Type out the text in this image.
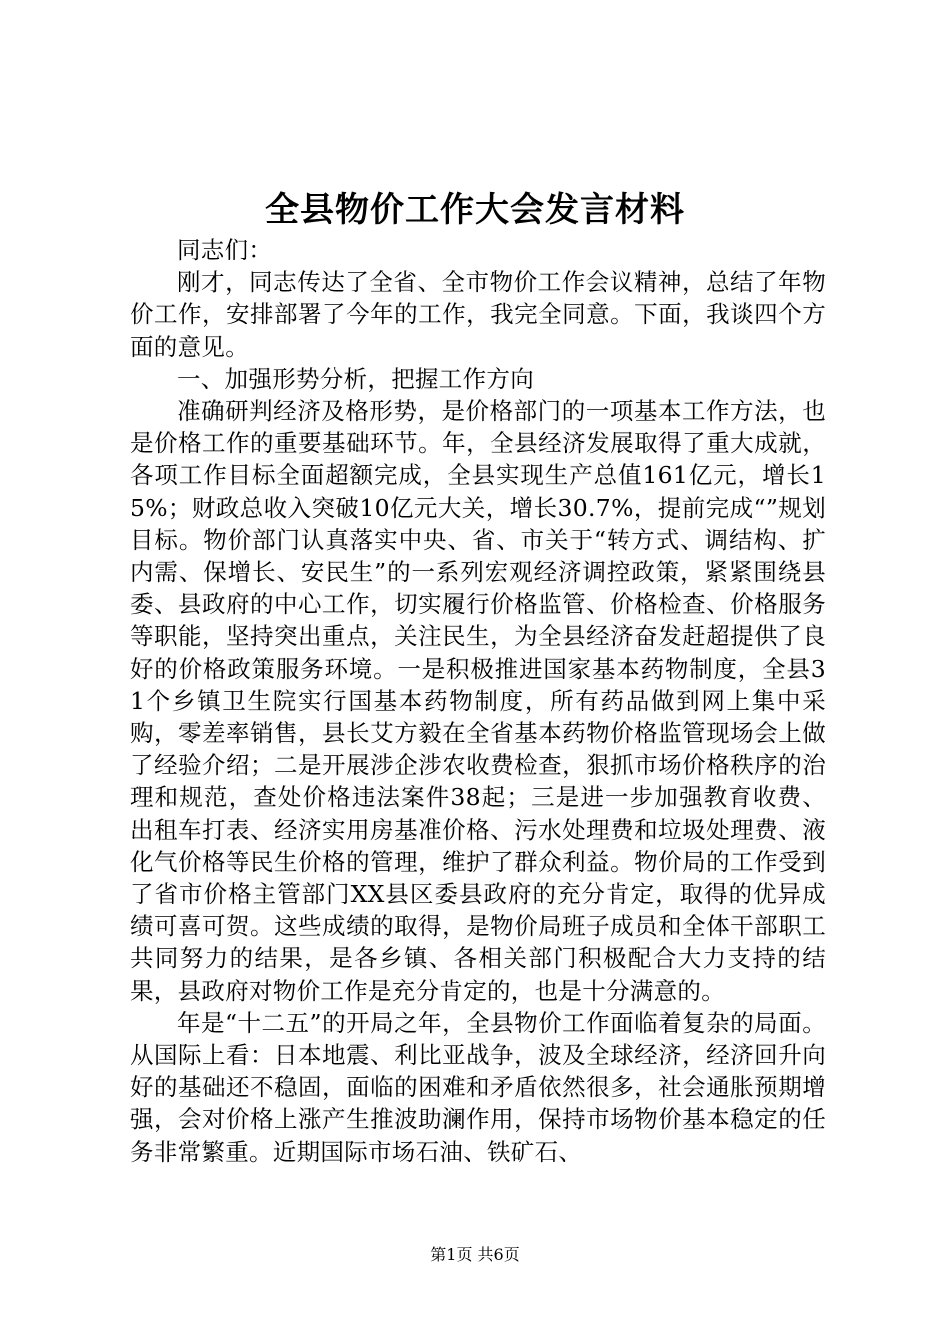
全县物价工作大会发言材料

同志们：

刚才，同志传达了全省、全市物价工作会议精神，总结了年物价工作，安排部署了今年的工作，我完全同意。下面，我谈四个方面的意见。

一、加强形势分析，把握工作方向

准确研判经济及格形势，是价格部门的一项基本工作方法，也是价格工作的重要基础环节。年，全县经济发展取得了重大成就，各项工作目标全面超额完成，全县实现生产总值161亿元，增长15%；财政总收入突破10亿元大关，增长30.7%，提前完成“”规划目标。物价部门认真落实中央、省、市关于“转方式、调结构、扩内需、保增长、安民生”的一系列宏观经济调控政策，紧紧围绕县委、县政府的中心工作，切实履行价格监管、价格检查、价格服务等职能，坚持突出重点，关注民生，为全县经济奋发赶超提供了良好的价格政策服务环境。一是积极推进国家基本药物制度，全县31个乡镇卫生院实行国基本药物制度，所有药品做到网上集中采购，零差率销售，县长艾方毅在全省基本药物价格监管现场会上做了经验介绍；二是开展涉企涉农收费检查，狠抓市场价格秩序的治理和规范，查处价格违法案件38起；三是进一步加强教育收费、出租车打表、经济实用房基准价格、污水处理费和垃圾处理费、液化气价格等民生价格的管理，维护了群众利益。物价局的工作受到了省市价格主管部门XX县区委县政府的充分肯定，取得的优异成绩可喜可贺。这些成绩的取得，是物价局班子成员和全体干部职工共同努力的结果，是各乡镇、各相关部门积极配合大力支持的结果，县政府对物价工作是充分肯定的，也是十分满意的。

年是“十二五”的开局之年，全县物价工作面临着复杂的局面。从国际上看：日本地震、利比亚战争，波及全球经济，经济回升向好的基础还不稳固，面临的困难和矛盾依然很多，社会通胀预期增强，会对价格上涨产生推波助澜作用，保持市场物价基本稳定的任务非常繁重。近期国际市场石油、铁矿石、

第1页 共6页
